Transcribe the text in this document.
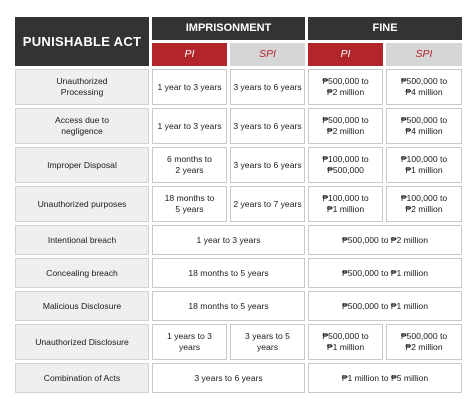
PUNISHABLE ACT	IMPRISONMENT		FINE	
	PI	SPI	PI	SPI
Unauthorized Processing	1 year to 3 years	3 years to 6 years	₱500,000 to ₱2 million	₱500,000 to ₱4 million
Access due to negligence	1 year to 3 years	3 years to 6 years	₱500,000 to ₱2 million	₱500,000 to ₱4 million
Improper Disposal	6 months to 2 years	3 years to 6 years	₱100,000 to ₱500,000	₱100,000 to ₱1 million
Unauthorized purposes	18 months to 5 years	2 years to 7 years	₱100,000 to ₱1 million	₱100,000 to ₱2 million
Intentional breach	1 year to 3 years		₱500,000 to ₱2 million	
Concealing breach	18 months to 5 years		₱500,000 to ₱1 million	
Malicious Disclosure	18 months to 5 years		₱500,000 to ₱1 million	
Unauthorized Disclosure	1 years to 3 years	3 years to 5 years	₱500,000 to ₱1 million	₱500,000 to ₱2 million
Combination of Acts	3 years to 6 years		₱1 million to ₱5 million	
